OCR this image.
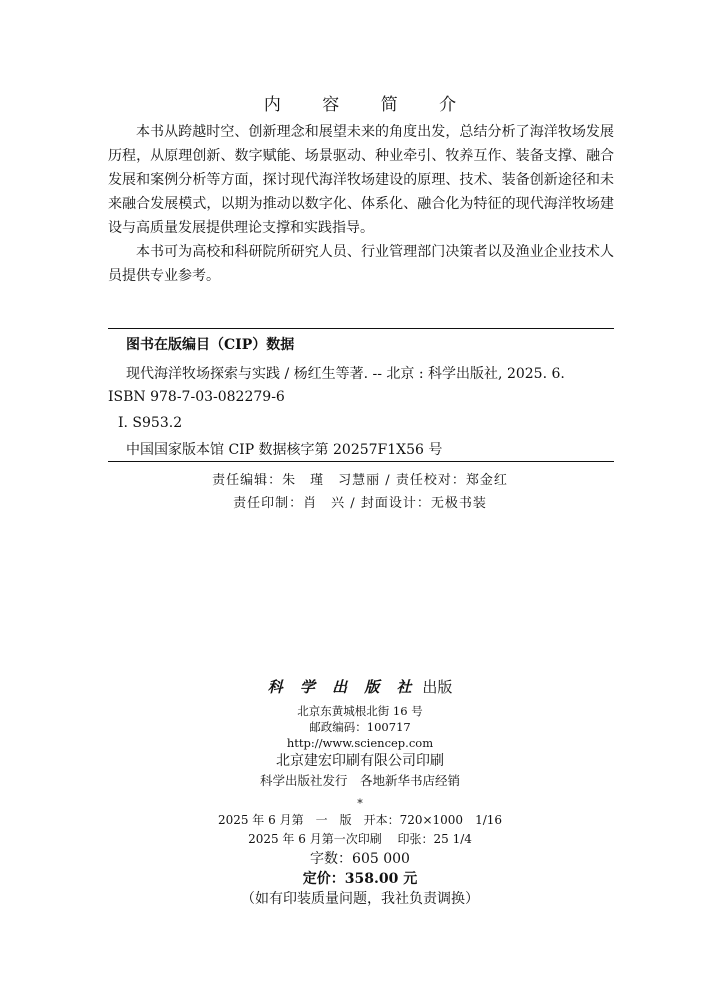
内 容 简 介

本书从跨越时空、创新理念和展望未来的角度出发，总结分析了海洋牧场发展历程，从原理创新、数字赋能、场景驱动、种业牵引、牧养互作、装备支撑、融合发展和案例分析等方面，探讨现代海洋牧场建设的原理、技术、装备创新途径和未来融合发展模式，以期为推动以数字化、体系化、融合化为特征的现代海洋牧场建设与高质量发展提供理论支撑和实践指导。

本书可为高校和科研院所研究人员、行业管理部门决策者以及渔业企业技术人员提供专业参考。

图书在版编目（CIP）数据
现代海洋牧场探索与实践 / 杨红生等著. -- 北京 : 科学出版社, 2025. 6.
ISBN 978-7-03-082279-6
Ⅰ. S953.2
中国国家版本馆 CIP 数据核字第 20257F1X56 号
责任编辑：朱　瑾　习慧丽 / 责任校对：郑金红
责任印制：肖　兴 / 封面设计：无极书装
科 学 出 版 社 出版
北京东黄城根北街 16 号
邮政编码：100717
http://www.sciencep.com
北京建宏印刷有限公司印刷
科学出版社发行　各地新华书店经销
*
2025 年 6 月第　一　版　开本：720×1000　1/16
2025 年 6 月第一次印刷　 印张：25 1/4
字数：605 000
定价：358.00 元
（如有印装质量问题，我社负责调换）
